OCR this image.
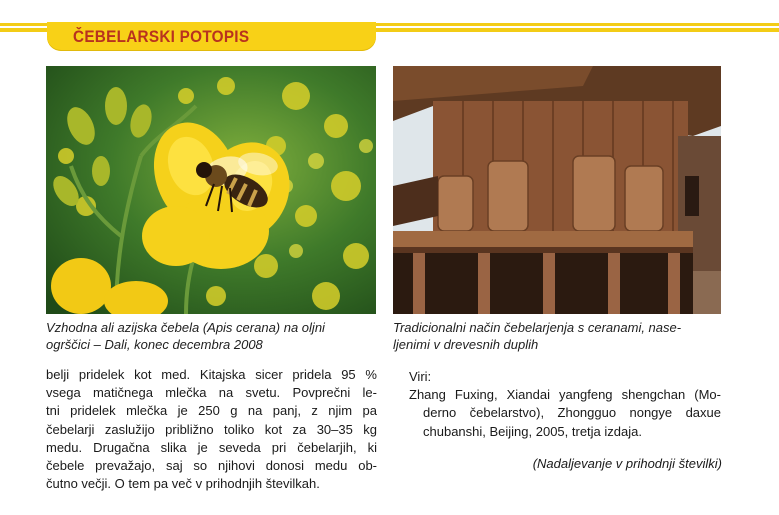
ČEBELARSKI POTOPIS
Vzhodna ali azijska čebela (Apis cerana) na oljni
ogrščici – Dali, konec decembra 2008
Tradicionalni način čebelarjenja s ceranami, nase-
ljenimi v drevesnih duplih
belji pridelek kot med. Kitajska sicer pridela 95 %
vsega matičnega mlečka na svetu. Povprečni le-
tni pridelek mlečka je 250 g na panj, z njim pa
čebelarji zaslužijo približno toliko kot za 30–35 kg
medu. Drugačna slika je seveda pri čebelarjih, ki
čebele prevažajo, saj so njihovi donosi medu ob-
čutno večji. O tem pa več v prihodnjih številkah.
Viri:
Zhang Fuxing, Xiandai yangfeng shengchan (Mo-
derno čebelarstvo), Zhongguo nongye daxue
chubanshi, Beijing, 2005, tretja izdaja.
(Nadaljevanje v prihodnji številki)
